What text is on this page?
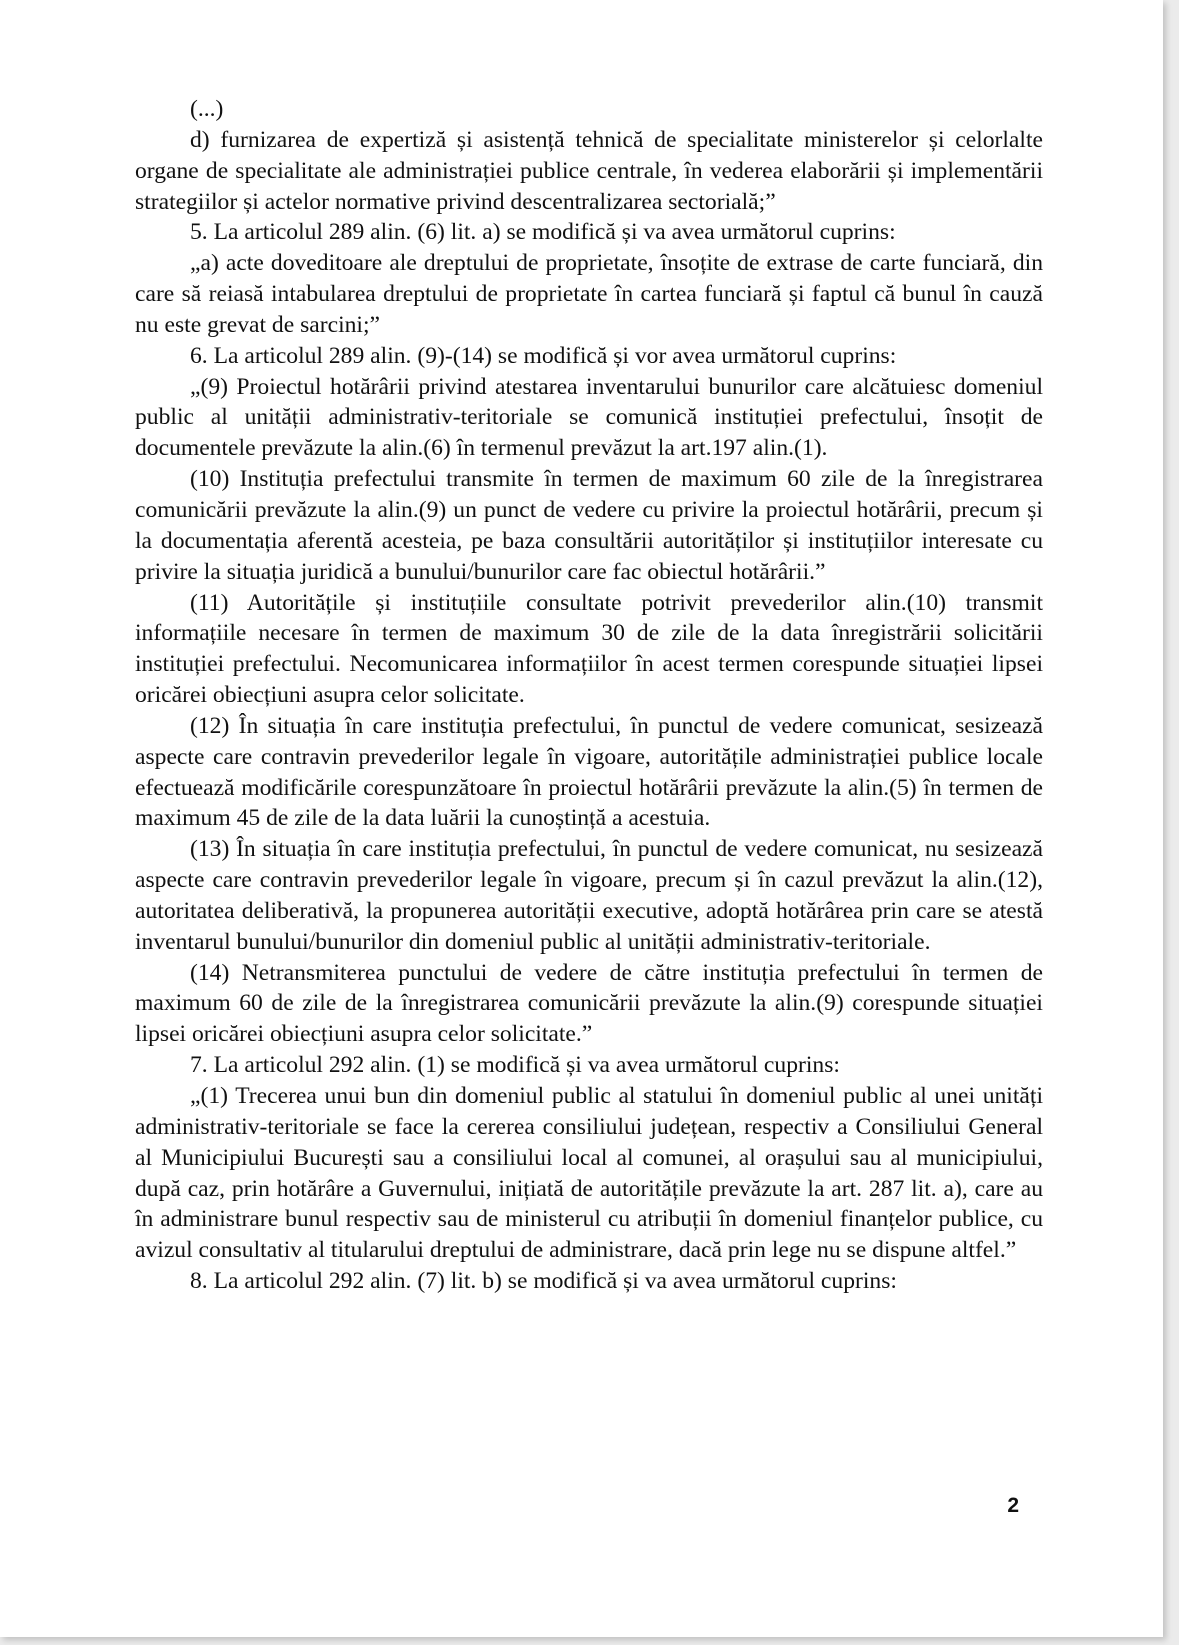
(...)

d) furnizarea de expertiză și asistență tehnică de specialitate ministerelor și celorlalte organe de specialitate ale administrației publice centrale, în vederea elaborării și implementării strategiilor și actelor normative privind descentralizarea sectorială;”

5. La articolul 289 alin. (6) lit. a) se modifică și va avea următorul cuprins:

„a) acte doveditoare ale dreptului de proprietate, însoțite de extrase de carte funciară, din care să reiasă intabularea dreptului de proprietate în cartea funciară și faptul că bunul în cauză nu este grevat de sarcini;”

6. La articolul 289 alin. (9)-(14) se modifică și vor avea următorul cuprins:

„(9) Proiectul hotărârii privind atestarea inventarului bunurilor care alcătuiesc domeniul public al unității administrativ-teritoriale se comunică instituției prefectului, însoțit de documentele prevăzute la alin.(6) în termenul prevăzut la art.197 alin.(1).

(10) Instituția prefectului transmite în termen de maximum 60 zile de la înregistrarea comunicării prevăzute la alin.(9) un punct de vedere cu privire la proiectul hotărârii, precum și la documentația aferentă acesteia, pe baza consultării autorităților și instituțiilor interesate cu privire la situația juridică a bunului/bunurilor care fac obiectul hotărârii.”

(11) Autoritățile și instituțiile consultate potrivit prevederilor alin.(10) transmit informațiile necesare în termen de maximum 30 de zile de la data înregistrării solicitării instituției prefectului. Necomunicarea informațiilor în acest termen corespunde situației lipsei oricărei obiecțiuni asupra celor solicitate.

(12) În situația în care instituția prefectului, în punctul de vedere comunicat, sesizează aspecte care contravin prevederilor legale în vigoare, autoritățile administrației publice locale efectuează modificările corespunzătoare în proiectul hotărârii prevăzute la alin.(5) în termen de maximum 45 de zile de la data luării la cunoștință a acestuia.

(13) În situația în care instituția prefectului, în punctul de vedere comunicat, nu sesizează aspecte care contravin prevederilor legale în vigoare, precum și în cazul prevăzut la alin.(12), autoritatea deliberativă, la propunerea autorității executive, adoptă hotărârea prin care se atestă inventarul bunului/bunurilor din domeniul public al unității administrativ-teritoriale.

(14) Netransmiterea punctului de vedere de către instituția prefectului în termen de maximum 60 de zile de la înregistrarea comunicării prevăzute la alin.(9) corespunde situației lipsei oricărei obiecțiuni asupra celor solicitate.”

7. La articolul 292 alin. (1) se modifică și va avea următorul cuprins:

„(1) Trecerea unui bun din domeniul public al statului în domeniul public al unei unități administrativ-teritoriale se face la cererea consiliului județean, respectiv a Consiliului General al Municipiului București sau a consiliului local al comunei, al orașului sau al municipiului, după caz, prin hotărâre a Guvernului, inițiată de autoritățile prevăzute la art. 287 lit. a), care au în administrare bunul respectiv sau de ministerul cu atribuții în domeniul finanțelor publice, cu avizul consultativ al titularului dreptului de administrare, dacă prin lege nu se dispune altfel.”

8. La articolul 292 alin. (7) lit. b) se modifică și va avea următorul cuprins:

2
